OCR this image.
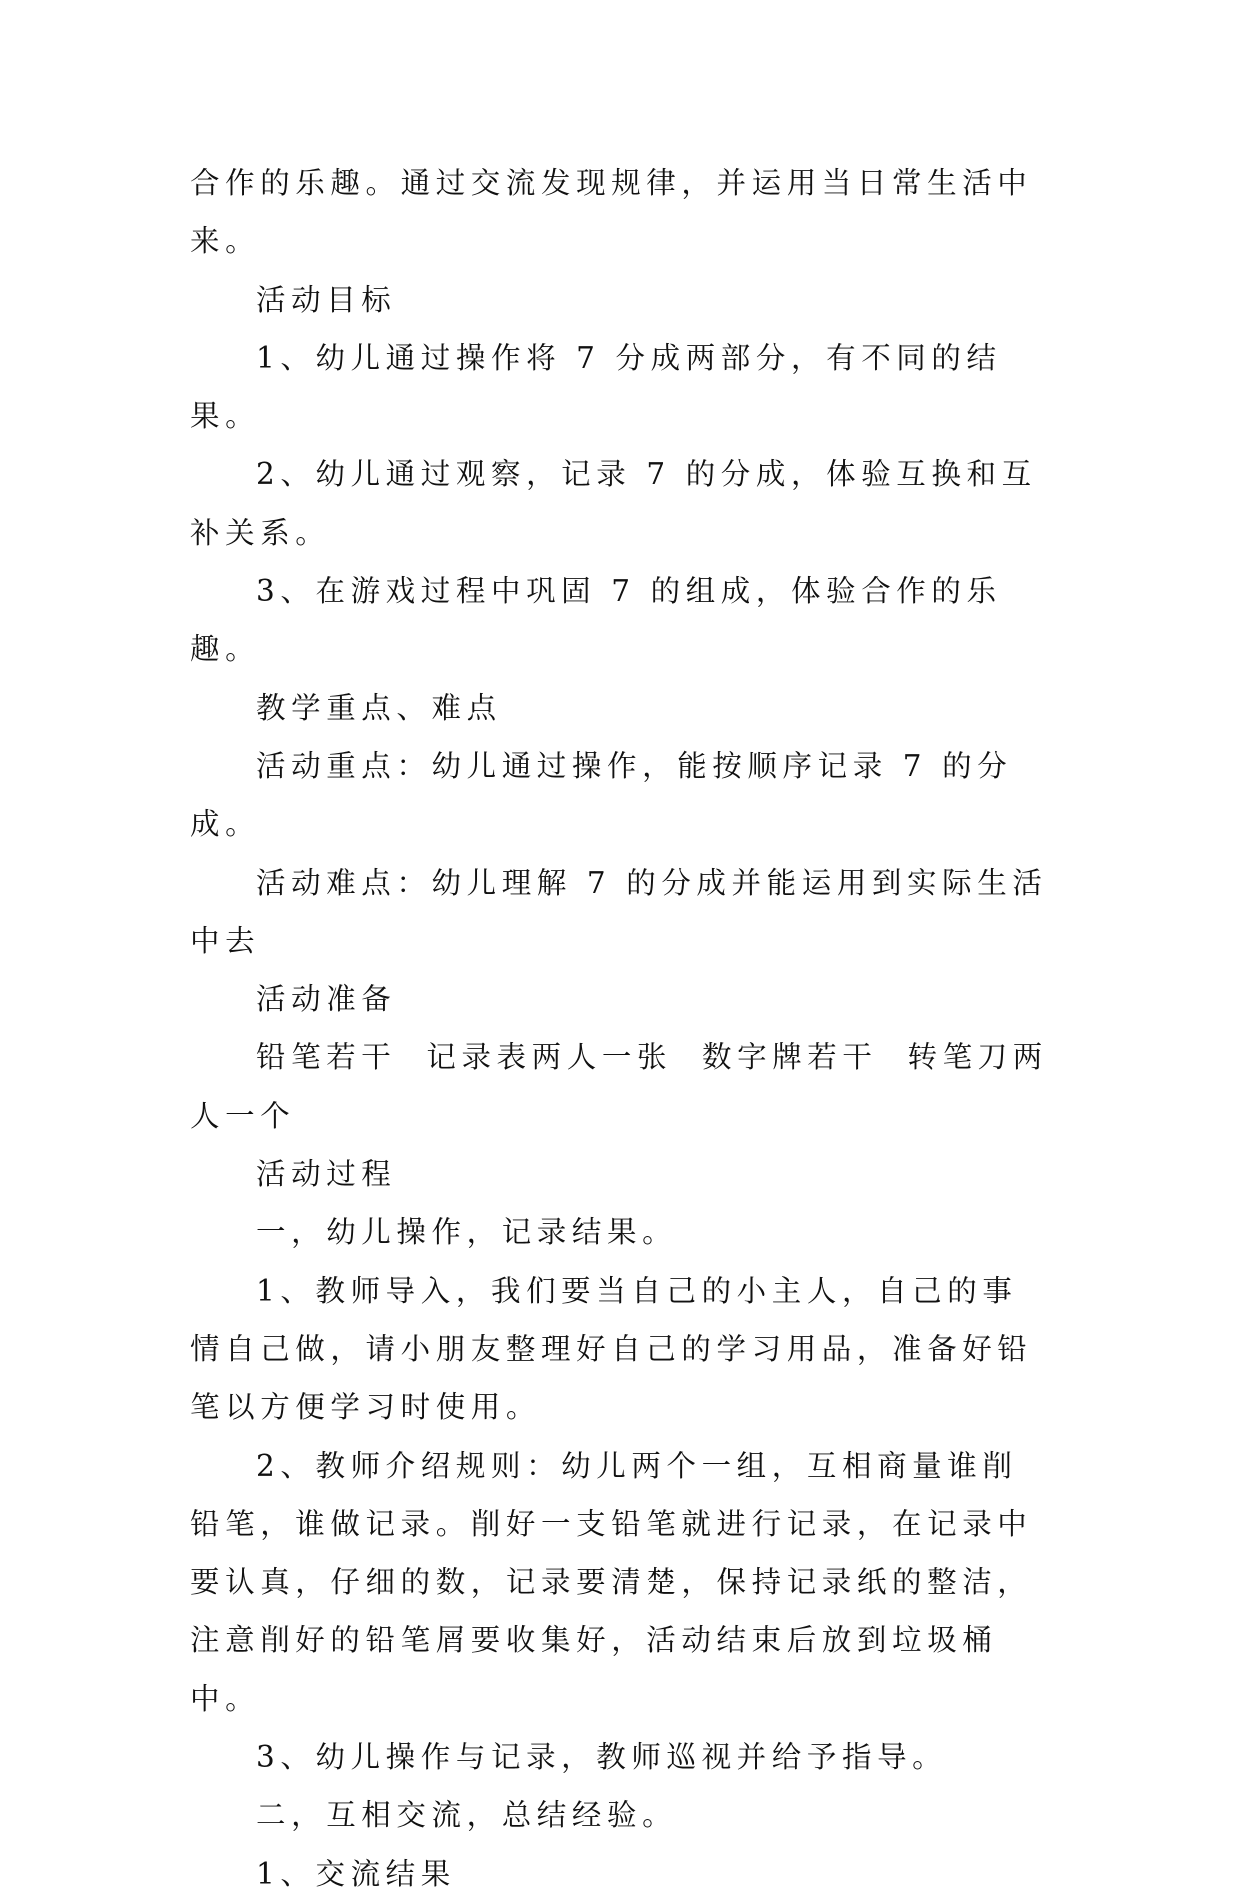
合作的乐趣。通过交流发现规律，并运用当日常生活中来。

活动目标

1、幼儿通过操作将 7 分成两部分，有不同的结果。

2、幼儿通过观察，记录 7 的分成，体验互换和互补关系。

3、在游戏过程中巩固 7 的组成，体验合作的乐趣。

教学重点、难点

活动重点：幼儿通过操作，能按顺序记录 7 的分成。

活动难点：幼儿理解 7 的分成并能运用到实际生活中去

活动准备

铅笔若干  记录表两人一张  数字牌若干  转笔刀两人一个

活动过程

一，幼儿操作，记录结果。

1、教师导入，我们要当自己的小主人，自己的事情自己做，请小朋友整理好自己的学习用品，准备好铅笔以方便学习时使用。

2、教师介绍规则：幼儿两个一组，互相商量谁削铅笔，谁做记录。削好一支铅笔就进行记录，在记录中要认真，仔细的数，记录要清楚，保持记录纸的整洁，注意削好的铅笔屑要收集好，活动结束后放到垃圾桶中。

3、幼儿操作与记录，教师巡视并给予指导。

二，互相交流，总结经验。

1、交流结果
